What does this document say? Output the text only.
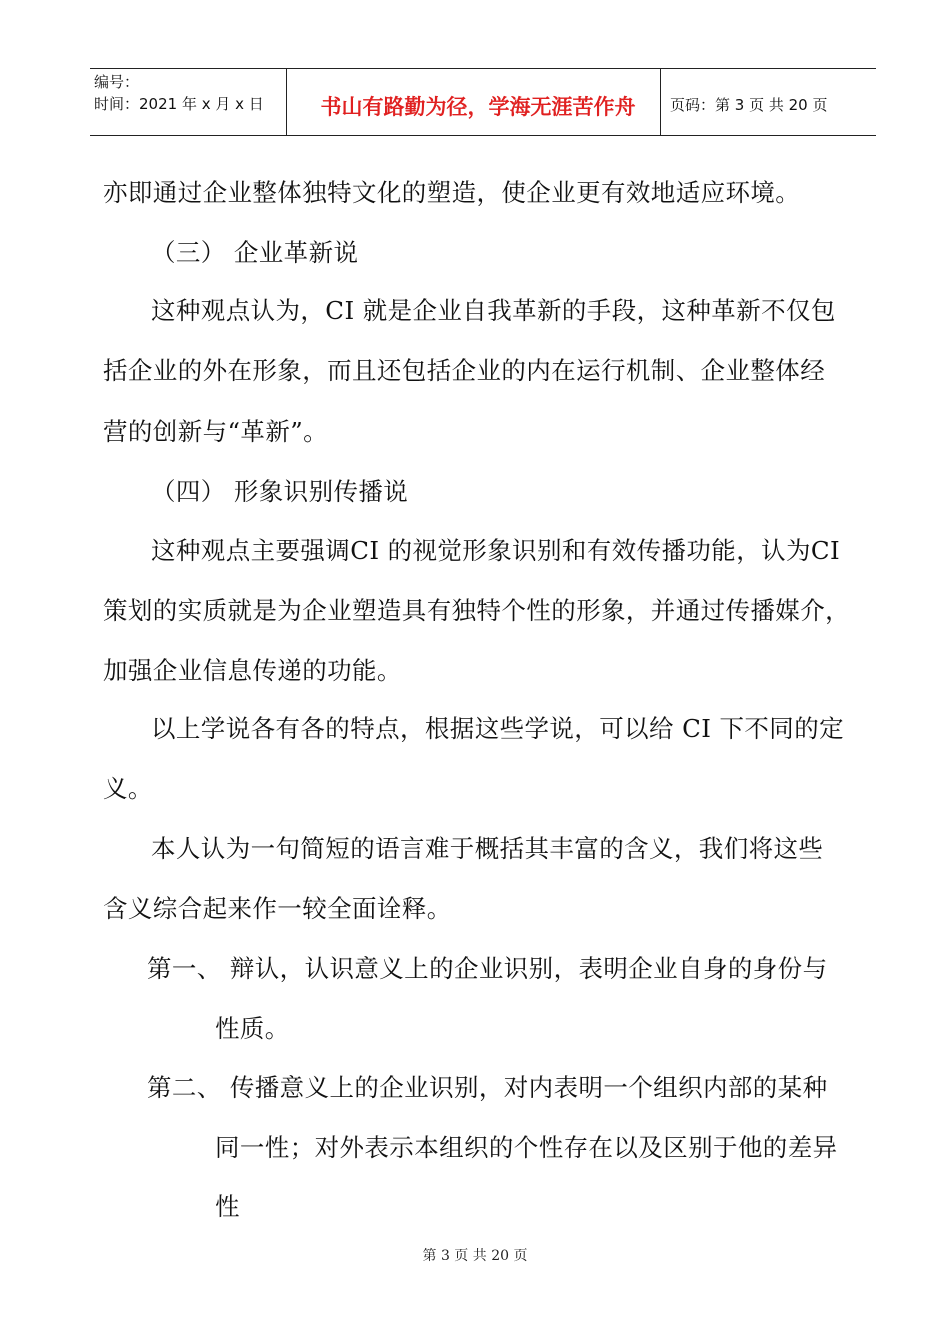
编号：
时间：2021 年 x 月 x 日	书山有路勤为径，学海无涯苦作舟	页码：第 3 页 共 20 页
亦即通过企业整体独特文化的塑造，使企业更有效地适应环境。
（三） 企业革新说
这种观点认为，CI 就是企业自我革新的手段，这种革新不仅包
括企业的外在形象，而且还包括企业的内在运行机制、企业整体经
营的创新与“革新”。
（四） 形象识别传播说
这种观点主要强调CI 的视觉形象识别和有效传播功能，认为CI
策划的实质就是为企业塑造具有独特个性的形象，并通过传播媒介，
加强企业信息传递的功能。
以上学说各有各的特点，根据这些学说，可以给 CI 下不同的定
义。
本人认为一句简短的语言难于概括其丰富的含义，我们将这些
含义综合起来作一较全面诠释。
第一、 辩认，认识意义上的企业识别，表明企业自身的身份与
性质。
第二、 传播意义上的企业识别，对内表明一个组织内部的某种
同一性；对外表示本组织的个性存在以及区别于他的差异
性
第 3 页 共 20 页
